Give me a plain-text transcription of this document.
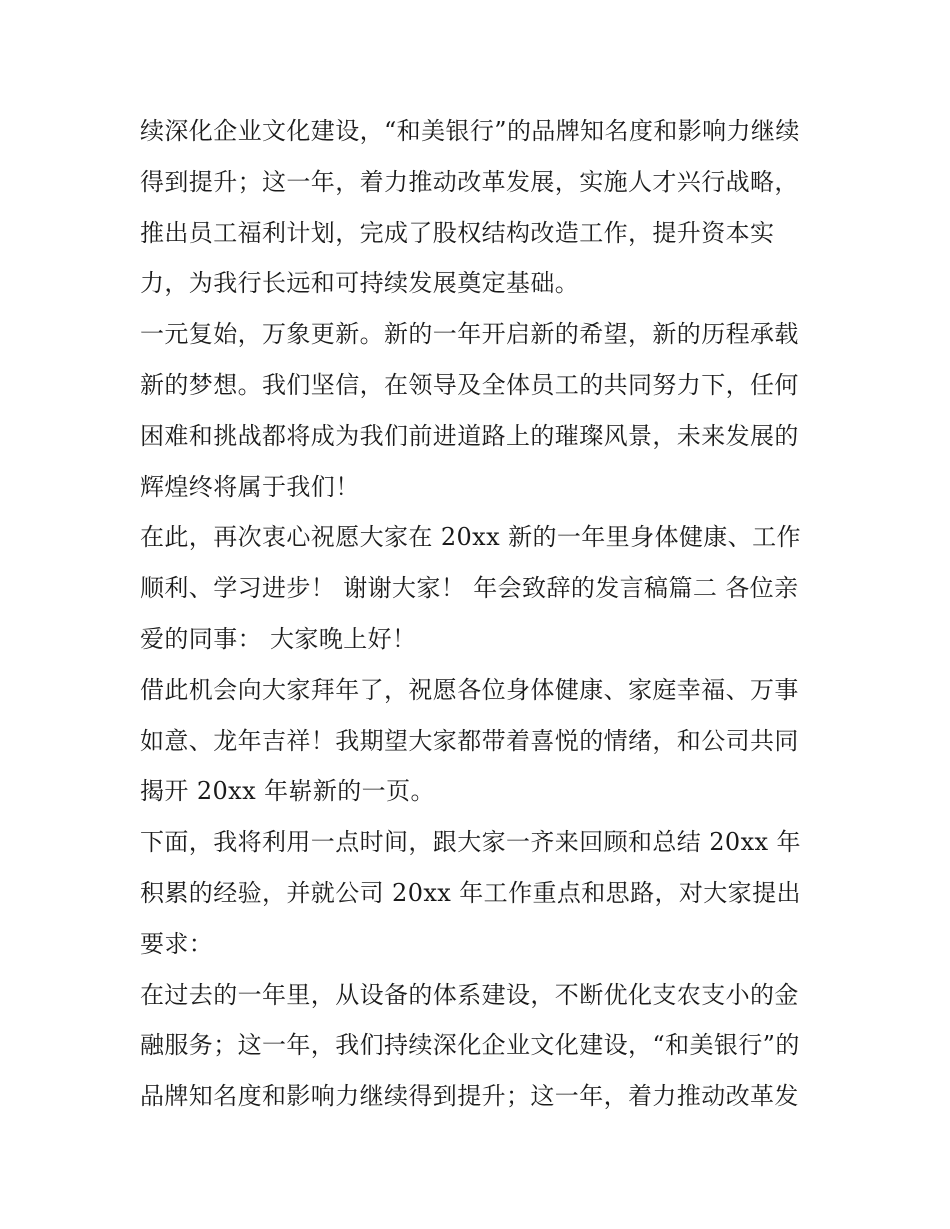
续深化企业文化建设，“和美银行”的品牌知名度和影响力继续
得到提升；这一年，着力推动改革发展，实施人才兴行战略，
推出员工福利计划，完成了股权结构改造工作，提升资本实
力，为我行长远和可持续发展奠定基础。

一元复始，万象更新。新的一年开启新的希望，新的历程承载
新的梦想。我们坚信，在领导及全体员工的共同努力下，任何
困难和挑战都将成为我们前进道路上的璀璨风景，未来发展的
辉煌终将属于我们！

在此，再次衷心祝愿大家在 20xx 新的一年里身体健康、工作
顺利、学习进步！ 谢谢大家！ 年会致辞的发言稿篇二 各位亲
爱的同事： 大家晚上好！

借此机会向大家拜年了，祝愿各位身体健康、家庭幸福、万事
如意、龙年吉祥！我期望大家都带着喜悦的情绪，和公司共同
揭开 20xx 年崭新的一页。

下面，我将利用一点时间，跟大家一齐来回顾和总结 20xx 年
积累的经验，并就公司 20xx 年工作重点和思路，对大家提出
要求：

在过去的一年里，从设备的体系建设，不断优化支农支小的金
融服务；这一年，我们持续深化企业文化建设，“和美银行”的
品牌知名度和影响力继续得到提升；这一年，着力推动改革发
